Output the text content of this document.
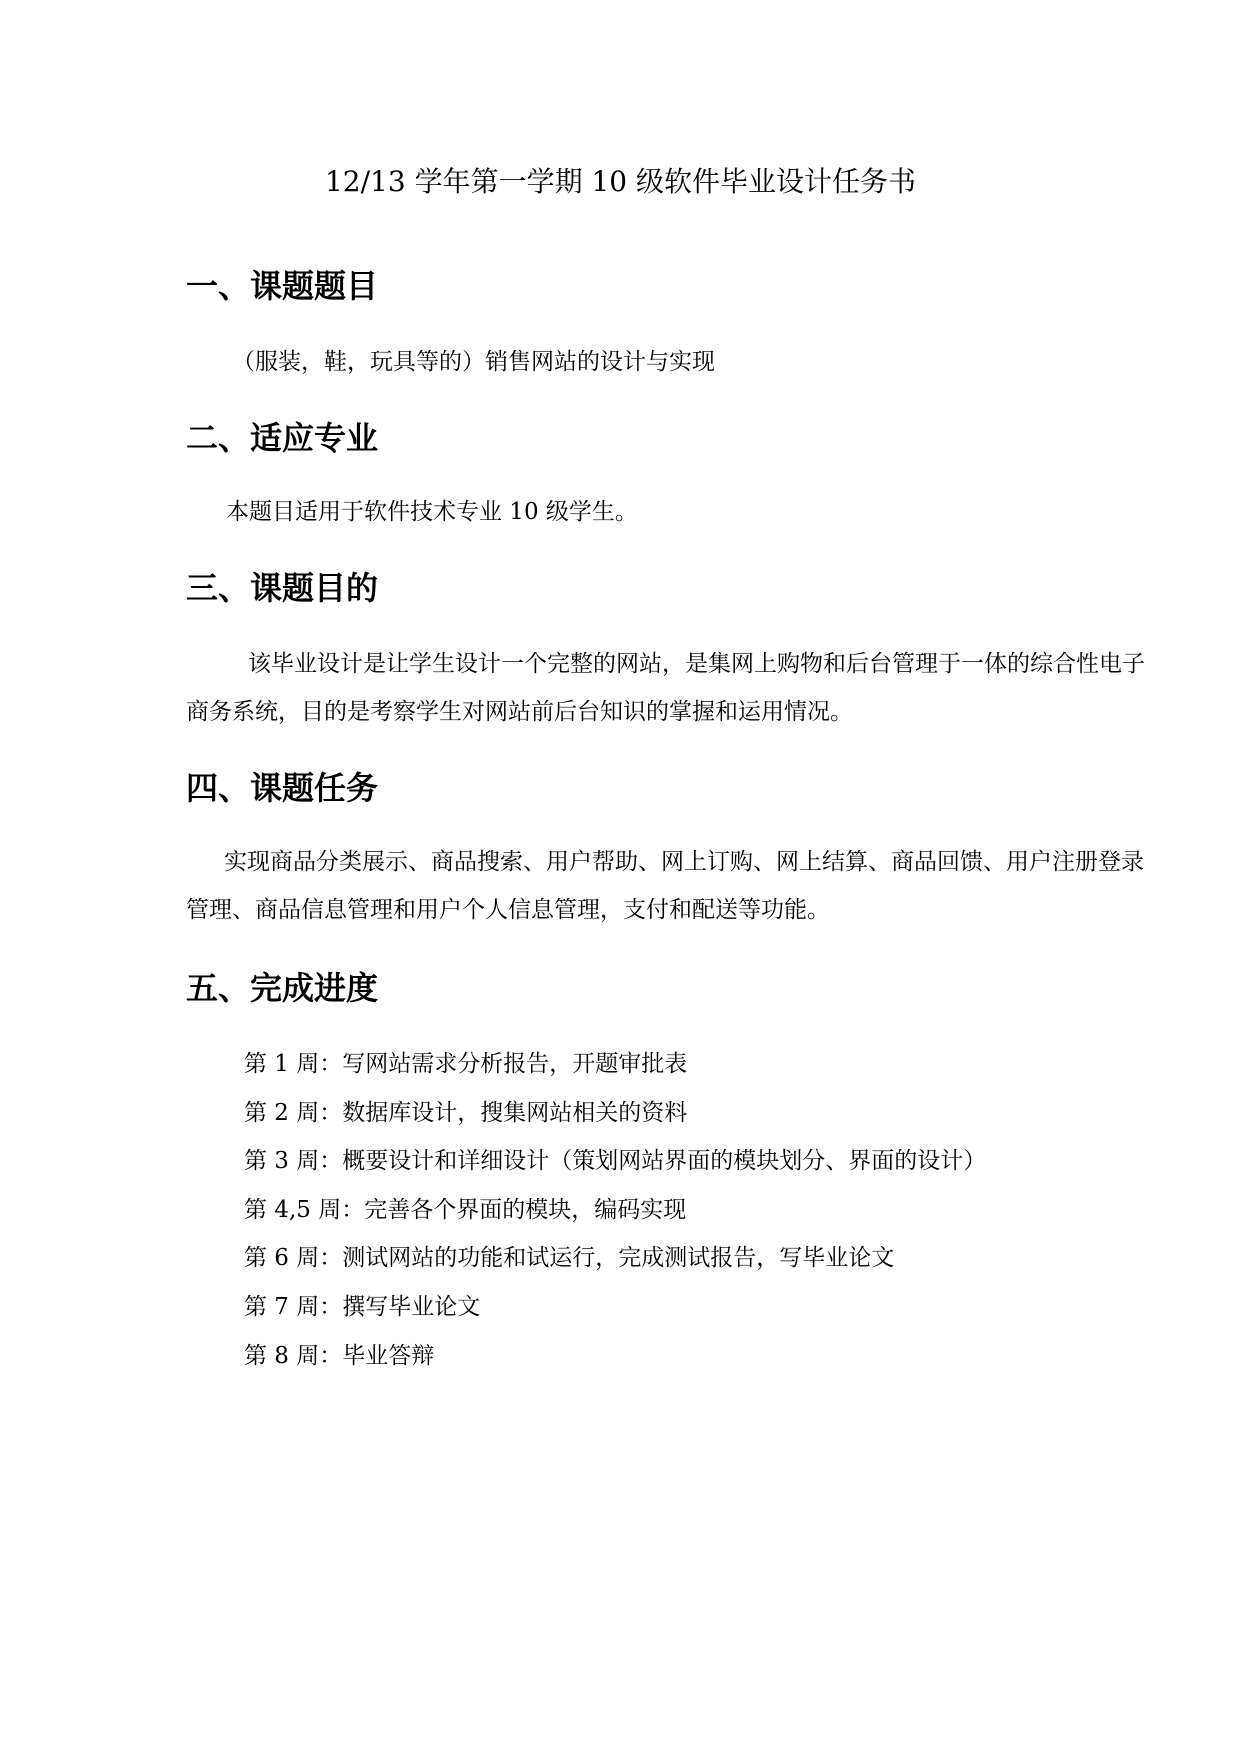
12/13 学年第一学期 10 级软件毕业设计任务书
一、课题题目
（服装，鞋，玩具等的）销售网站的设计与实现
二、适应专业
本题目适用于软件技术专业 10 级学生。
三、课题目的
该毕业设计是让学生设计一个完整的网站，是集网上购物和后台管理于一体的综合性电子商务系统，目的是考察学生对网站前后台知识的掌握和运用情况。
四、课题任务
实现商品分类展示、商品搜索、用户帮助、网上订购、网上结算、商品回馈、用户注册登录管理、商品信息管理和用户个人信息管理，支付和配送等功能。
五、完成进度
第 1 周：写网站需求分析报告，开题审批表
第 2 周：数据库设计，搜集网站相关的资料
第 3 周：概要设计和详细设计（策划网站界面的模块划分、界面的设计）
第 4,5 周：完善各个界面的模块，编码实现
第 6 周：测试网站的功能和试运行，完成测试报告，写毕业论文
第 7 周：撰写毕业论文
第 8 周：毕业答辩
